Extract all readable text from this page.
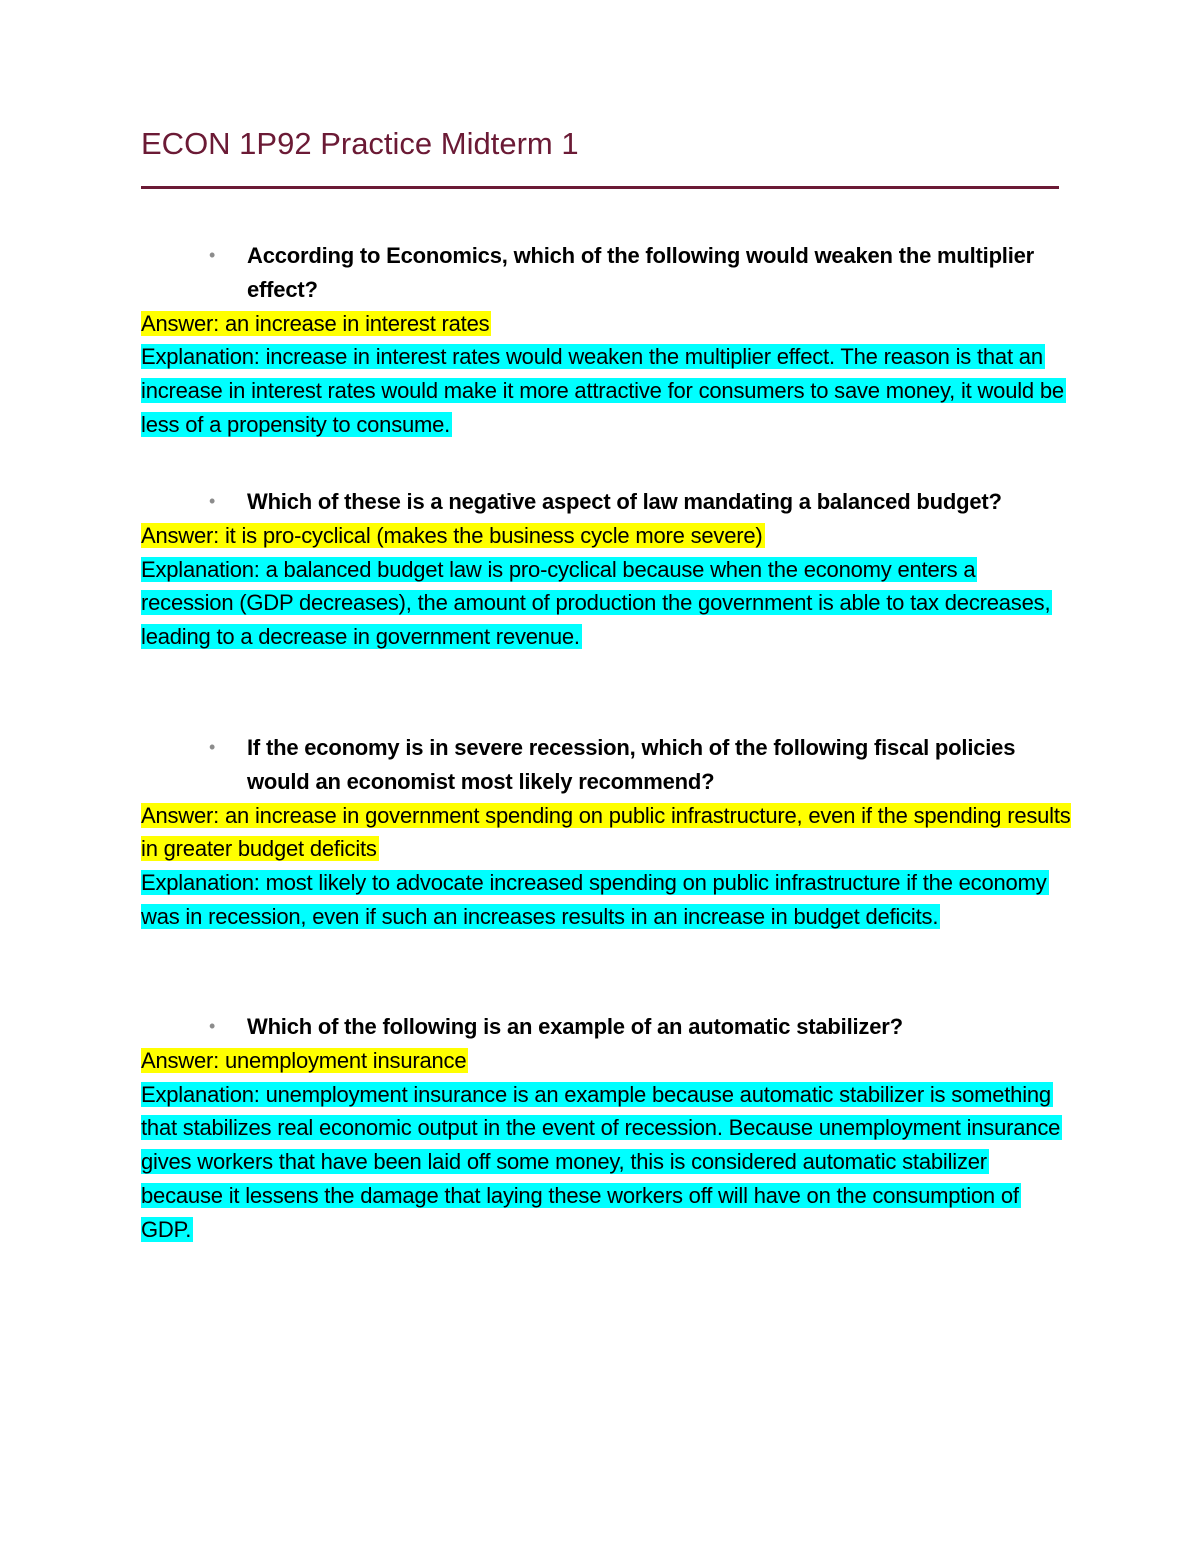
ECON 1P92 Practice Midterm 1

• According to Economics, which of the following would weaken the multiplier effect?

Answer: an increase in interest rates

Explanation: increase in interest rates would weaken the multiplier effect. The reason is that an increase in interest rates would make it more attractive for consumers to save money, it would be less of a propensity to consume.

• Which of these is a negative aspect of law mandating a balanced budget?

Answer: it is pro-cyclical (makes the business cycle more severe)

Explanation: a balanced budget law is pro-cyclical because when the economy enters a recession (GDP decreases), the amount of production the government is able to tax decreases, leading to a decrease in government revenue.

• If the economy is in severe recession, which of the following fiscal policies would an economist most likely recommend?

Answer: an increase in government spending on public infrastructure, even if the spending results in greater budget deficits

Explanation: most likely to advocate increased spending on public infrastructure if the economy was in recession, even if such an increases results in an increase in budget deficits.

• Which of the following is an example of an automatic stabilizer?

Answer: unemployment insurance

Explanation: unemployment insurance is an example because automatic stabilizer is something that stabilizes real economic output in the event of recession. Because unemployment insurance gives workers that have been laid off some money, this is considered automatic stabilizer because it lessens the damage that laying these workers off will have on the consumption of GDP.
